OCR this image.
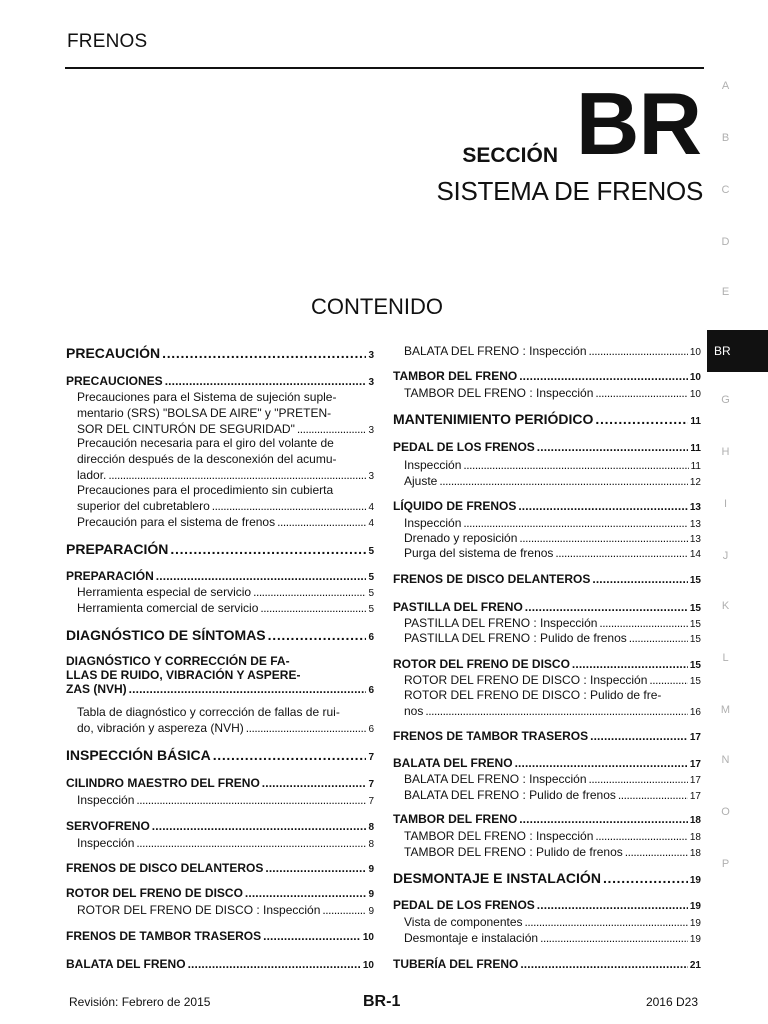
FRENOS
SECCIÓN BR
SISTEMA DE FRENOS
CONTENIDO
PRECAUCIÓN . . .	3
PRECAUCIONES . . .	3
Precauciones para el Sistema de sujeción suple-
mentario (SRS) "BOLSA DE AIRE" y "PRETEN-
SOR DEL CINTURÓN DE SEGURIDAD" . . .	3
Precaución necesaria para el giro del volante de
dirección después de la desconexión del acumu-
lador. . . .	3
Precauciones para el procedimiento sin cubierta
superior del cubretablero . . .	4
Precaución para el sistema de frenos . . .	4
PREPARACIÓN . . .	5
PREPARACIÓN . . .	5
Herramienta especial de servicio . . .	5
Herramienta comercial de servicio . . .	5
DIAGNÓSTICO DE SÍNTOMAS . . .	6
DIAGNÓSTICO Y CORRECCIÓN DE FA-
LLAS DE RUIDO, VIBRACIÓN Y ASPERE-
ZAS (NVH) . . .	6
Tabla de diagnóstico y corrección de fallas de rui-
do, vibración y aspereza (NVH) . . .	6
INSPECCIÓN BÁSICA . . .	7
CILINDRO MAESTRO DEL FRENO . . .	7
Inspección . . .	7
SERVOFRENO . . .	8
Inspección . . .	8
FRENOS DE DISCO DELANTEROS . . .	9
ROTOR DEL FRENO DE DISCO . . .	9
ROTOR DEL FRENO DE DISCO : Inspección . . .	9
FRENOS DE TAMBOR TRASEROS . . .	10
BALATA DEL FRENO . . .	10
BALATA DEL FRENO : Inspección . . .	10
TAMBOR DEL FRENO . . .	10
TAMBOR DEL FRENO : Inspección . . .	10
MANTENIMIENTO PERIÓDICO . . .	11
PEDAL DE LOS FRENOS . . .	11
Inspección . . .	11
Ajuste . . .	12
LÍQUIDO DE FRENOS . . .	13
Inspección . . .	13
Drenado y reposición . . .	13
Purga del sistema de frenos . . .	14
FRENOS DE DISCO DELANTEROS . . .	15
PASTILLA DEL FRENO . . .	15
PASTILLA DEL FRENO : Inspección . . .	15
PASTILLA DEL FRENO : Pulido de frenos . . .	15
ROTOR DEL FRENO DE DISCO . . .	15
ROTOR DEL FRENO DE DISCO : Inspección . . .	15
ROTOR DEL FRENO DE DISCO : Pulido de fre-
nos . . .	16
FRENOS DE TAMBOR TRASEROS . . .	17
BALATA DEL FRENO . . .	17
BALATA DEL FRENO : Inspección . . .	17
BALATA DEL FRENO : Pulido de frenos . . .	17
TAMBOR DEL FRENO . . .	18
TAMBOR DEL FRENO : Inspección . . .	18
TAMBOR DEL FRENO : Pulido de frenos . . .	18
DESMONTAJE E INSTALACIÓN . . .	19
PEDAL DE LOS FRENOS . . .	19
Vista de componentes . . .	19
Desmontaje e instalación . . .	19
TUBERÍA DEL FRENO . . .	21
A
B
C
D
E
BR
G
H
I
J
K
L
M
N
O
P
Revisión: Febrero de 2015	BR-1	2016 D23
